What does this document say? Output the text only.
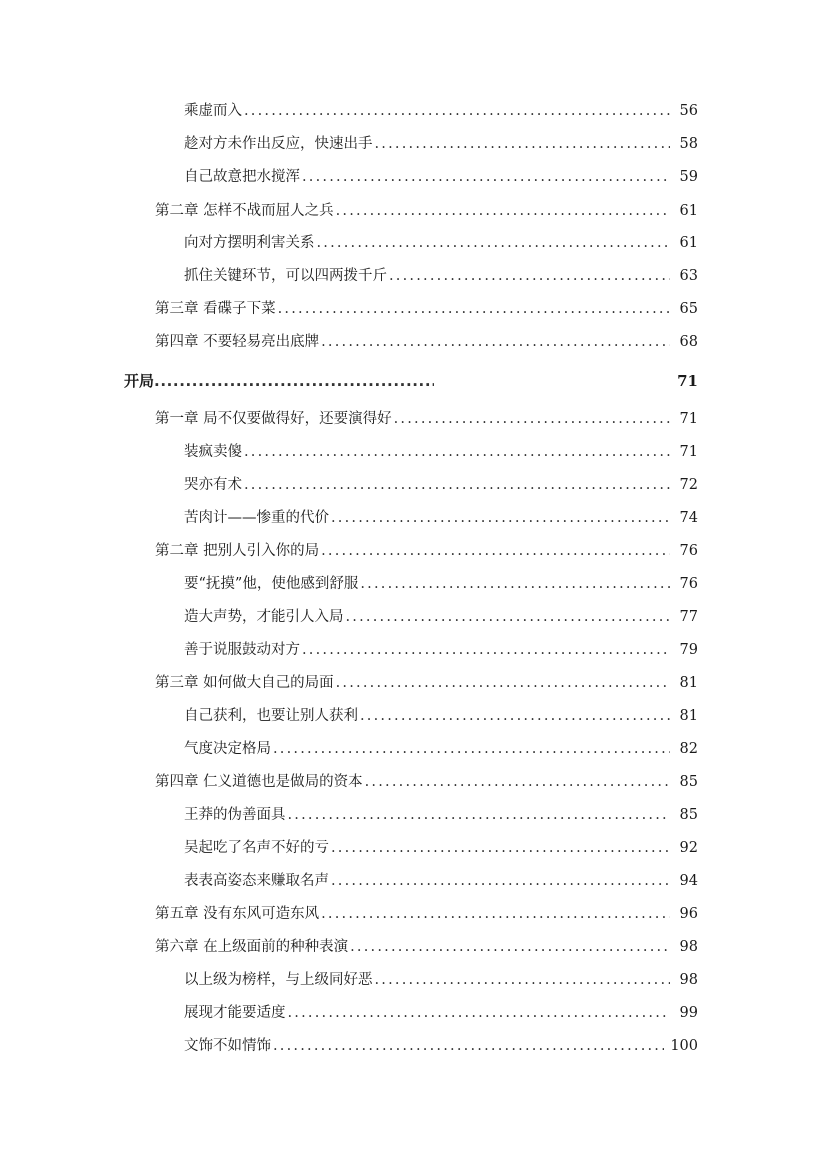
乘虚而入 .....	56
趁对方未作出反应，快速出手 .....	58
自己故意把水搅浑 .....	59
第二章 怎样不战而屈人之兵 .....	61
向对方摆明利害关系 .....	61
抓住关键环节，可以四两拨千斤 .....	63
第三章 看碟子下菜 .....	65
第四章 不要轻易亮出底牌 .....	68
开局 .....	71
第一章 局不仅要做得好，还要演得好 .....	71
装疯卖傻 .....	71
哭亦有术 .....	72
苦肉计——惨重的代价 .....	74
第二章 把别人引入你的局 .....	76
要“抚摸”他，使他感到舒服 .....	76
造大声势，才能引人入局 .....	77
善于说服鼓动对方 .....	79
第三章 如何做大自己的局面 .....	81
自己获利，也要让别人获利 .....	81
气度决定格局 .....	82
第四章 仁义道德也是做局的资本 .....	85
王莽的伪善面具 .....	85
吴起吃了名声不好的亏 .....	92
表表高姿态来赚取名声 .....	94
第五章 没有东风可造东风 .....	96
第六章 在上级面前的种种表演 .....	98
以上级为榜样，与上级同好恶 .....	98
展现才能要适度 .....	99
文饰不如情饰 .....	100
